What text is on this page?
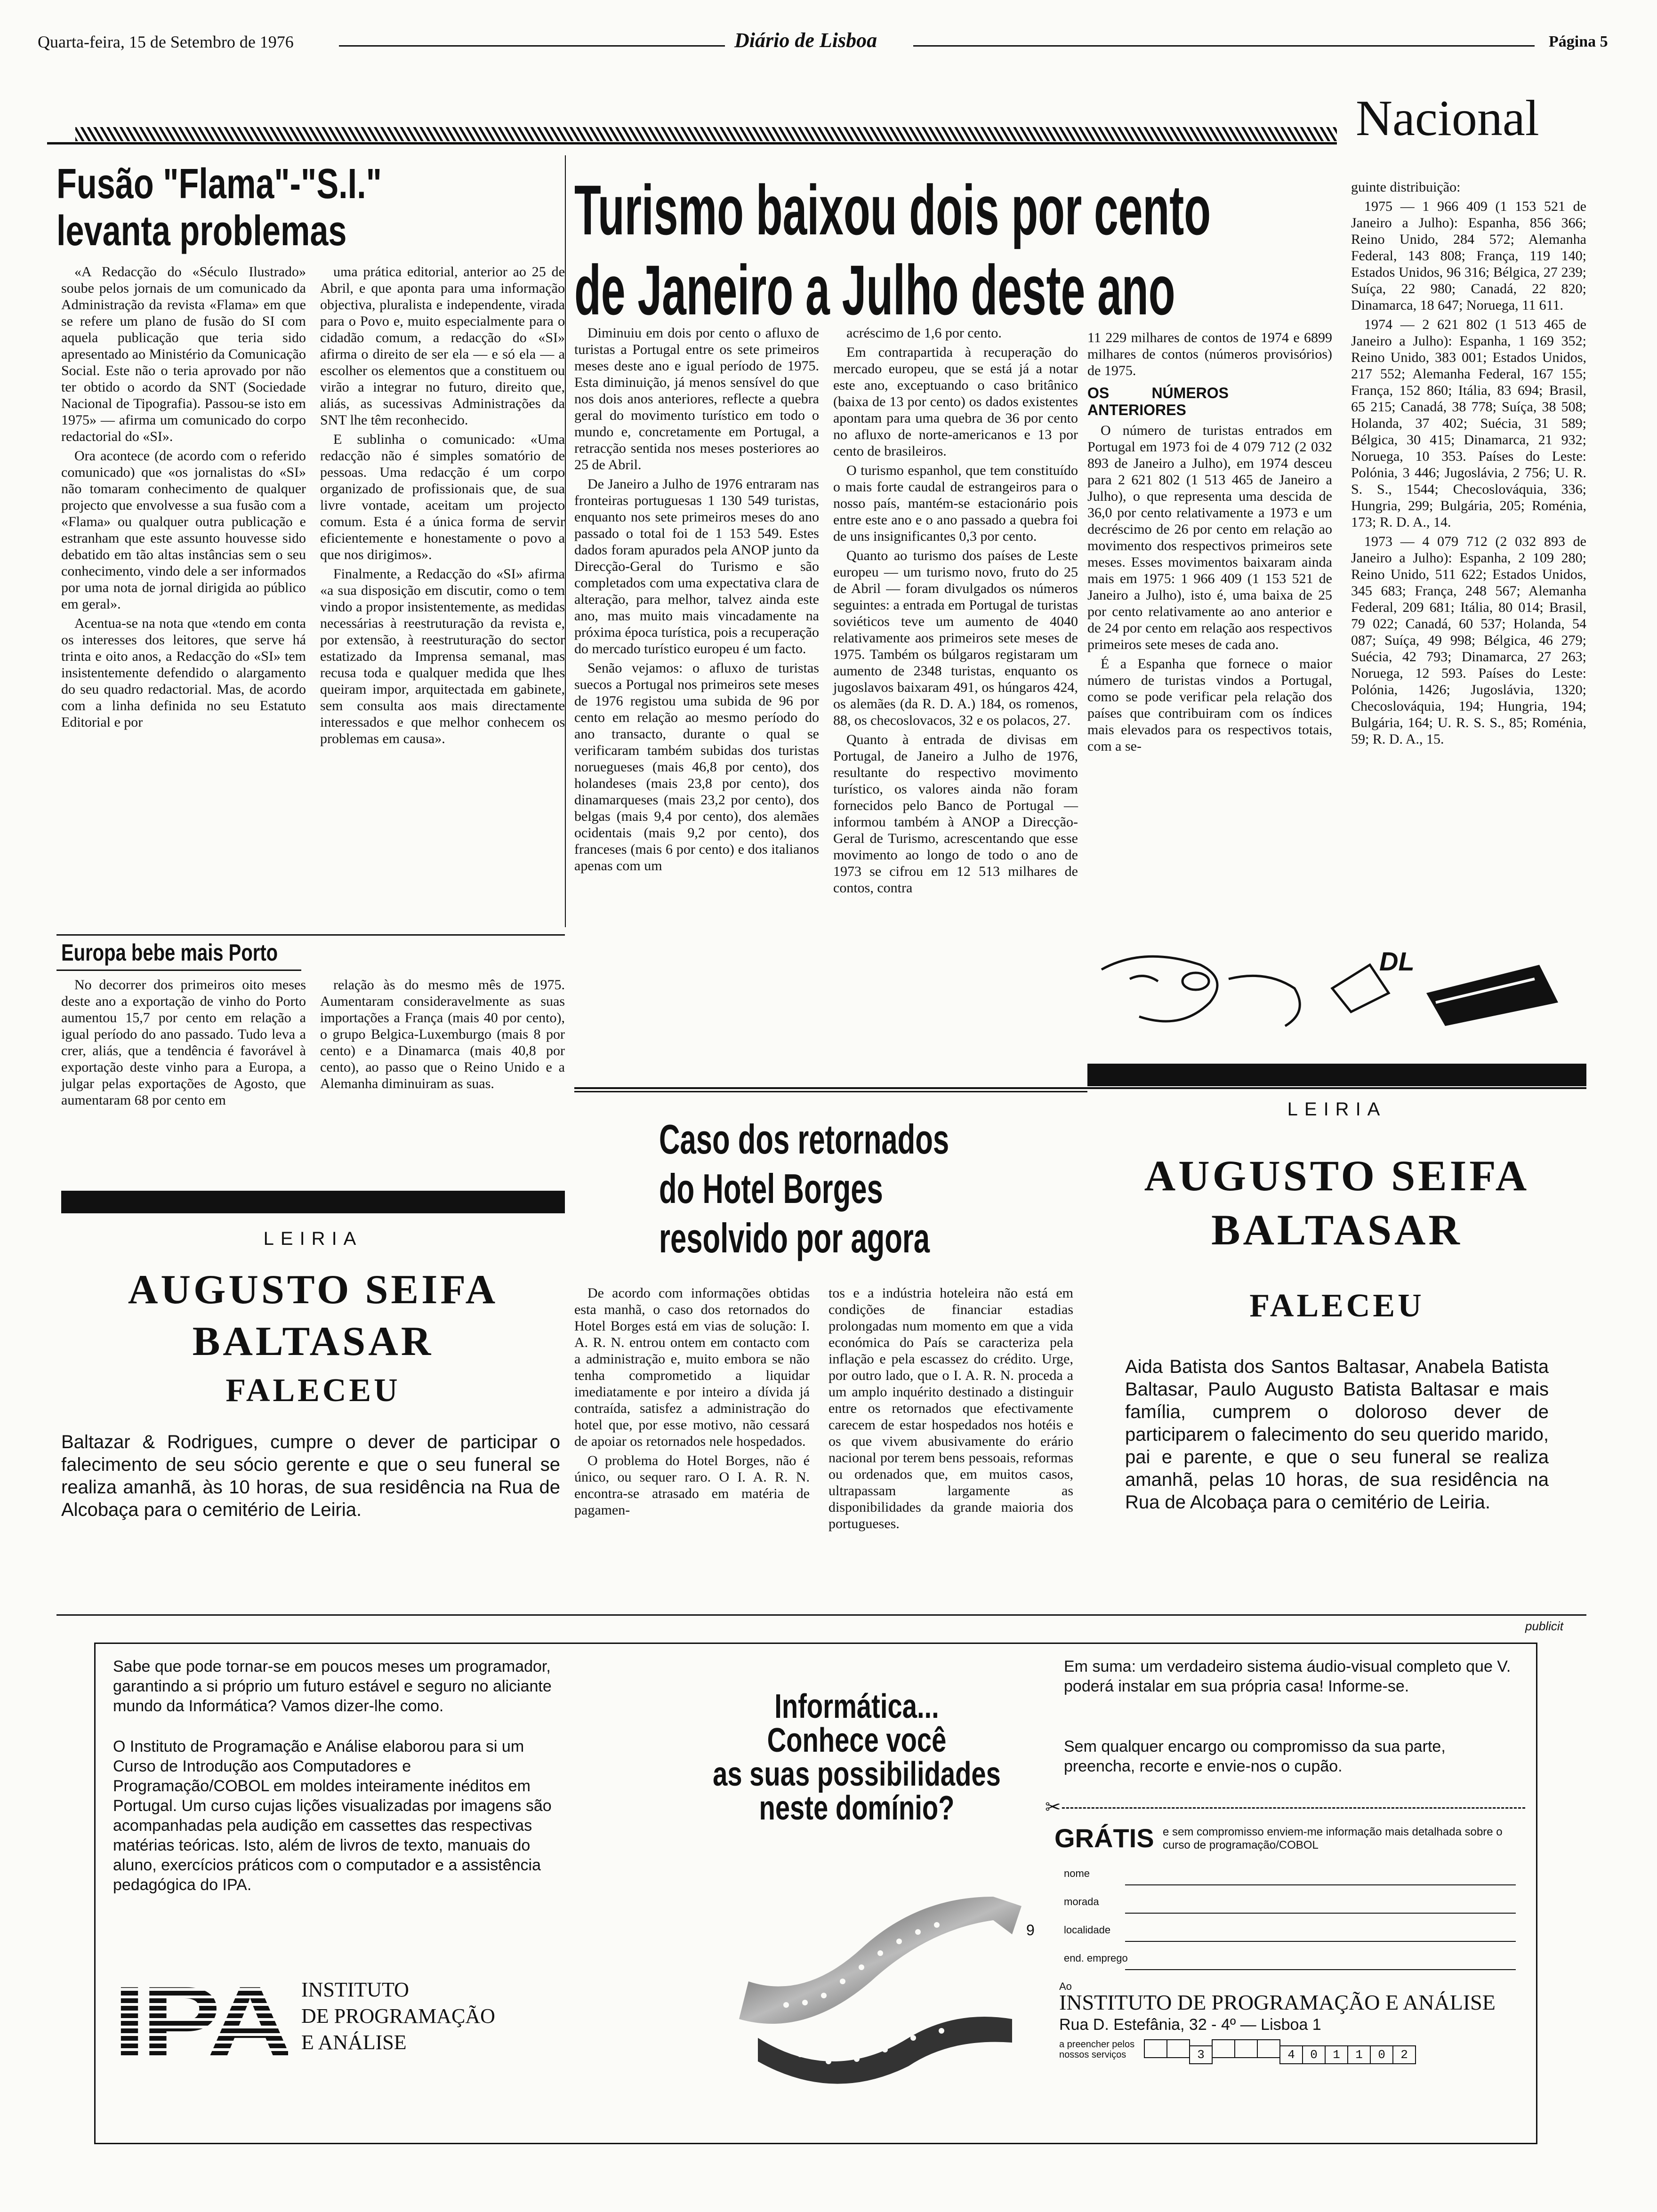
Quarta-feira, 15 de Setembro de 1976	Diário de Lisboa	Página 5
Nacional
Fusão "Flama"-"S.I."
levanta problemas

«A Redacção do «Século Ilustrado» soube pelos jornais de um comunicado da Administração da revista «Flama» em que se refere um plano de fusão do SI com aquela publicação que teria sido apresentado ao Ministério da Comunicação Social. Este não o teria aprovado por não ter obtido o acordo da SNT (Sociedade Nacional de Tipografia). Passou-se isto em 1975» — afirma um comunicado do corpo redactorial do «SI».

Ora acontece (de acordo com o referido comunicado) que «os jornalistas do «SI» não tomaram conhecimento de qualquer projecto que envolvesse a sua fusão com a «Flama» ou qualquer outra publicação e estranham que este assunto houvesse sido debatido em tão altas instâncias sem o seu conhecimento, vindo dele a ser informados por uma nota de jornal dirigida ao público em geral».

Acentua-se na nota que «tendo em conta os interesses dos leitores, que serve há trinta e oito anos, a Redacção do «SI» tem insistentemente defendido o alargamento do seu quadro redactorial. Mas, de acordo com a linha definida no seu Estatuto Editorial e por

uma prática editorial, anterior ao 25 de Abril, e que aponta para uma informação objectiva, pluralista e independente, virada para o Povo e, muito especialmente para o cidadão comum, a redacção do «SI» afirma o direito de ser ela — e só ela — a escolher os elementos que a constituem ou virão a integrar no futuro, direito que, aliás, as sucessivas Administrações da SNT lhe têm reconhecido.

E sublinha o comunicado: «Uma redacção não é simples somatório de pessoas. Uma redacção é um corpo organizado de profissionais que, de sua livre vontade, aceitam um projecto comum. Esta é a única forma de servir eficientemente e honestamente o povo a que nos dirigimos».

Finalmente, a Redacção do «SI» afirma «a sua disposição em discutir, como o tem vindo a propor insistentemente, as medidas necessárias à reestruturação da revista e, por extensão, à reestruturação do sector estatizado da Imprensa semanal, mas recusa toda e qualquer medida que lhes queiram impor, arquitectada em gabinete, sem consulta aos mais directamente interessados e que melhor conhecem os problemas em causa».

Europa bebe mais Porto

No decorrer dos primeiros oito meses deste ano a exportação de vinho do Porto aumentou 15,7 por cento em relação a igual período do ano passado. Tudo leva a crer, aliás, que a tendência é favorável à exportação deste vinho para a Europa, a julgar pelas exportações de Agosto, que aumentaram 68 por cento em

relação às do mesmo mês de 1975. Aumentaram consideravelmente as suas importações a França (mais 40 por cento), o grupo Belgica-Luxemburgo (mais 8 por cento) e a Dinamarca (mais 40,8 por cento), ao passo que o Reino Unido e a Alemanha diminuiram as suas.

Turismo baixou dois por cento
de Janeiro a Julho deste ano

Diminuiu em dois por cento o afluxo de turistas a Portugal entre os sete primeiros meses deste ano e igual período de 1975. Esta diminuição, já menos sensível do que nos dois anos anteriores, reflecte a quebra geral do movimento turístico em todo o mundo e, concretamente em Portugal, a retracção sentida nos meses posteriores ao 25 de Abril.

De Janeiro a Julho de 1976 entraram nas fronteiras portuguesas 1 130 549 turistas, enquanto nos sete primeiros meses do ano passado o total foi de 1 153 549. Estes dados foram apurados pela ANOP junto da Direcção-Geral do Turismo e são completados com uma expectativa clara de alteração, para melhor, talvez ainda este ano, mas muito mais vincadamente na próxima época turística, pois a recuperação do mercado turístico europeu é um facto.

Senão vejamos: o afluxo de turistas suecos a Portugal nos primeiros sete meses de 1976 registou uma subida de 96 por cento em relação ao mesmo período do ano transacto, durante o qual se verificaram também subidas dos turistas noruegueses (mais 46,8 por cento), dos holandeses (mais 23,8 por cento), dos dinamarqueses (mais 23,2 por cento), dos belgas (mais 9,4 por cento), dos alemães ocidentais (mais 9,2 por cento), dos franceses (mais 6 por cento) e dos italianos apenas com um

acréscimo de 1,6 por cento.

Em contrapartida à recuperação do mercado europeu, que se está já a notar este ano, exceptuando o caso britânico (baixa de 13 por cento) os dados existentes apontam para uma quebra de 36 por cento no afluxo de norte-americanos e 13 por cento de brasileiros.

O turismo espanhol, que tem constituído o mais forte caudal de estrangeiros para o nosso país, mantém-se estacionário pois entre este ano e o ano passado a quebra foi de uns insignificantes 0,3 por cento.

Quanto ao turismo dos países de Leste europeu — um turismo novo, fruto do 25 de Abril — foram divulgados os números seguintes: a entrada em Portugal de turistas soviéticos teve um aumento de 4040 relativamente aos primeiros sete meses de 1975. Também os búlgaros registaram um aumento de 2348 turistas, enquanto os jugoslavos baixaram 491, os húngaros 424, os alemães (da R. D. A.) 184, os romenos, 88, os checoslovacos, 32 e os polacos, 27.

Quanto à entrada de divisas em Portugal, de Janeiro a Julho de 1976, resultante do respectivo movimento turístico, os valores ainda não foram fornecidos pelo Banco de Portugal — informou também à ANOP a Direcção-Geral de Turismo, acrescentando que esse movimento ao longo de todo o ano de 1973 se cifrou em 12 513 milhares de contos, contra

11 229 milhares de contos de 1974 e 6899 milhares de contos (números provisórios) de 1975.

OS NÚMEROS ANTERIORES

O número de turistas entrados em Portugal em 1973 foi de 4 079 712 (2 032 893 de Janeiro a Julho), em 1974 desceu para 2 621 802 (1 513 465 de Janeiro a Julho), o que representa uma descida de 36,0 por cento relativamente a 1973 e um decréscimo de 26 por cento em relação ao movimento dos respectivos primeiros sete meses. Esses movimentos baixaram ainda mais em 1975: 1 966 409 (1 153 521 de Janeiro a Julho), isto é, uma baixa de 25 por cento relativamente ao ano anterior e de 24 por cento em relação aos respectivos primeiros sete meses de cada ano.

É a Espanha que fornece o maior número de turistas vindos a Portugal, como se pode verificar pela relação dos países que contribuiram com os índices mais elevados para os respectivos totais, com a se-

guinte distribuição:

1975 — 1 966 409 (1 153 521 de Janeiro a Julho): Espanha, 856 366; Reino Unido, 284 572; Alemanha Federal, 143 808; França, 119 140; Estados Unidos, 96 316; Bélgica, 27 239; Suíça, 22 980; Canadá, 22 820; Dinamarca, 18 647; Noruega, 11 611.

1974 — 2 621 802 (1 513 465 de Janeiro a Julho): Espanha, 1 169 352; Reino Unido, 383 001; Estados Unidos, 217 552; Alemanha Federal, 167 155; França, 152 860; Itália, 83 694; Brasil, 65 215; Canadá, 38 778; Suíça, 38 508; Holanda, 37 402; Suécia, 31 589; Bélgica, 30 415; Dinamarca, 21 932; Noruega, 10 353. Países do Leste: Polónia, 3 446; Jugoslávia, 2 756; U. R. S. S., 1544; Checoslováquia, 336; Hungria, 299; Bulgária, 205; Roménia, 173; R. D. A., 14.

1973 — 4 079 712 (2 032 893 de Janeiro a Julho): Espanha, 2 109 280; Reino Unido, 511 622; Estados Unidos, 345 683; França, 248 567; Alemanha Federal, 209 681; Itália, 80 014; Brasil, 79 022; Canadá, 60 537; Holanda, 54 087; Suíça, 49 998; Bélgica, 46 279; Suécia, 42 793; Dinamarca, 27 263; Noruega, 12 593. Países do Leste: Polónia, 1426; Jugoslávia, 1320; Checoslováquia, 194; Hungria, 194; Bulgária, 164; U. R. S. S., 85; Roménia, 59; R. D. A., 15.

DL
Caso dos retornados
do Hotel Borges
resolvido por agora

De acordo com informações obtidas esta manhã, o caso dos retornados do Hotel Borges está em vias de solução: I. A. R. N. entrou ontem em contacto com a administração e, muito embora se não tenha comprometido a liquidar imediatamente e por inteiro a dívida já contraída, satisfez a administração do hotel que, por esse motivo, não cessará de apoiar os retornados nele hospedados.

O problema do Hotel Borges, não é único, ou sequer raro. O I. A. R. N. encontra-se atrasado em matéria de pagamen-

tos e a indústria hoteleira não está em condições de financiar estadias prolongadas num momento em que a vida económica do País se caracteriza pela inflação e pela escassez do crédito. Urge, por outro lado, que o I. A. R. N. proceda a um amplo inquérito destinado a distinguir entre os retornados que efectivamente carecem de estar hospedados nos hotéis e os que vivem abusivamente do erário nacional por terem bens pessoais, reformas ou ordenados que, em muitos casos, ultrapassam largamente as disponibilidades da grande maioria dos portugueses.

LEIRIA
AUGUSTO SEIFA
BALTASAR
FALECEU
Baltazar & Rodrigues, cumpre o dever de participar o falecimento de seu sócio gerente e que o seu funeral se realiza amanhã, às 10 horas, de sua residência na Rua de Alcobaça para o cemitério de Leiria.
LEIRIA
AUGUSTO SEIFA
BALTASAR
FALECEU
Aida Batista dos Santos Baltasar, Anabela Batista Baltasar, Paulo Augusto Batista Baltasar e mais família, cumprem o doloroso dever de participarem o falecimento do seu querido marido, pai e parente, e que o seu funeral se realiza amanhã, pelas 10 horas, de sua residência na Rua de Alcobaça para o cemitério de Leiria.
publicit
Sabe que pode tornar-se em poucos meses um programador, garantindo a si próprio um futuro estável e seguro no aliciante mundo da Informática? Vamos dizer-lhe como.
O Instituto de Programação e Análise elaborou para si um Curso de Introdução aos Computadores e Programação/COBOL em moldes inteiramente inéditos em Portugal. Um curso cujas lições visualizadas por imagens são acompanhadas pela audição em cassettes das respectivas matérias teóricas. Isto, além de livros de texto, manuais do aluno, exercícios práticos com o computador e a assistência pedagógica do IPA.
IPA INSTITUTO
DE PROGRAMAÇÃO
E ANÁLISE
Informática...
Conhece você
as suas possibilidades
neste domínio?
Em suma: um verdadeiro sistema áudio-visual completo que V. poderá instalar em sua própria casa! Informe-se.
Sem qualquer encargo ou compromisso da sua parte, preencha, recorte e envie-nos o cupão.
✂
GRÁTIS e sem compromisso enviem-me informação mais detalhada sobre o curso de programação/COBOL
nome
morada
localidade
end. emprego
9
Ao
INSTITUTO DE PROGRAMAÇÃO E ANÁLISE
Rua D. Estefânia, 32 - 4º — Lisboa 1
a preencher pelos nossos serviços	3	4 0 1 1 0 2
